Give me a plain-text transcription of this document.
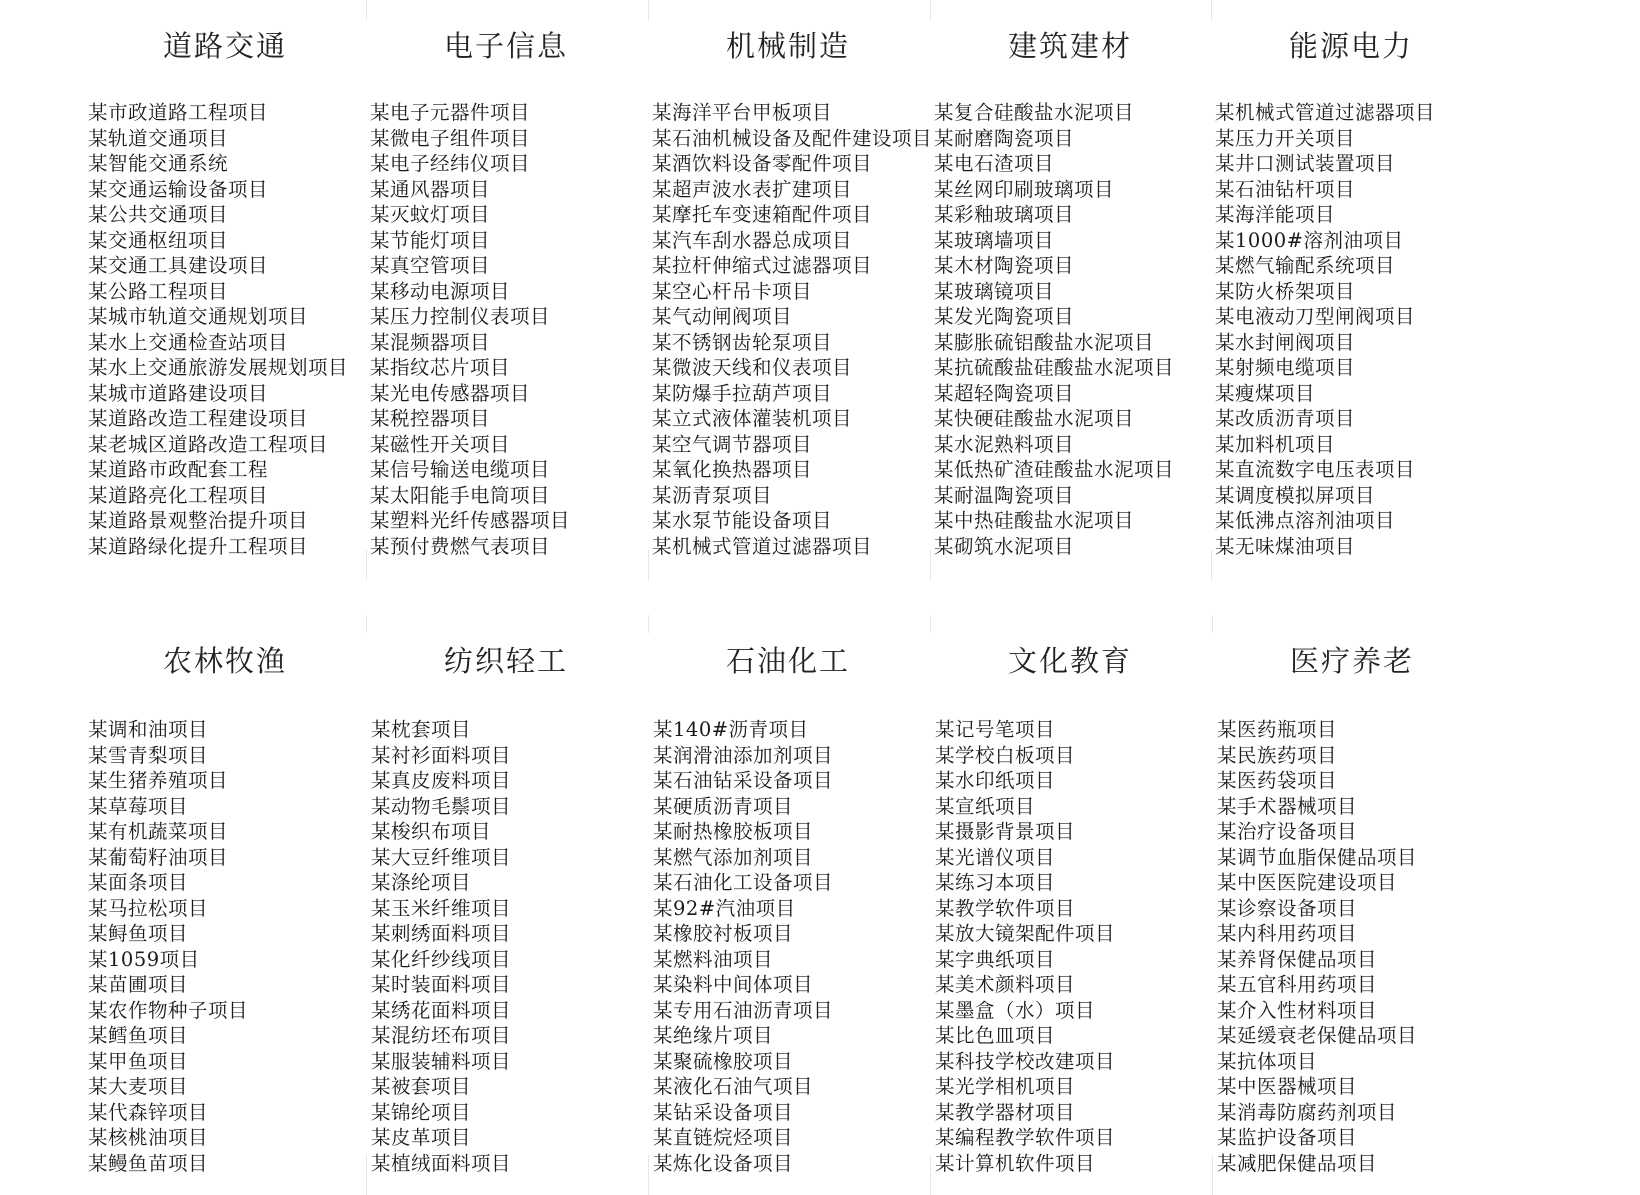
道路交通
某市政道路工程项目
某轨道交通项目
某智能交通系统
某交通运输设备项目
某公共交通项目
某交通枢纽项目
某交通工具建设项目
某公路工程项目
某城市轨道交通规划项目
某水上交通检查站项目
某水上交通旅游发展规划项目
某城市道路建设项目
某道路改造工程建设项目
某老城区道路改造工程项目
某道路市政配套工程
某道路亮化工程项目
某道路景观整治提升项目
某道路绿化提升工程项目
电子信息
某电子元器件项目
某微电子组件项目
某电子经纬仪项目
某通风器项目
某灭蚊灯项目
某节能灯项目
某真空管项目
某移动电源项目
某压力控制仪表项目
某混频器项目
某指纹芯片项目
某光电传感器项目
某税控器项目
某磁性开关项目
某信号输送电缆项目
某太阳能手电筒项目
某塑料光纤传感器项目
某预付费燃气表项目
机械制造
某海洋平台甲板项目
某石油机械设备及配件建设项目
某酒饮料设备零配件项目
某超声波水表扩建项目
某摩托车变速箱配件项目
某汽车刮水器总成项目
某拉杆伸缩式过滤器项目
某空心杆吊卡项目
某气动闸阀项目
某不锈钢齿轮泵项目
某微波天线和仪表项目
某防爆手拉葫芦项目
某立式液体灌装机项目
某空气调节器项目
某氧化换热器项目
某沥青泵项目
某水泵节能设备项目
某机械式管道过滤器项目
建筑建材
某复合硅酸盐水泥项目
某耐磨陶瓷项目
某电石渣项目
某丝网印刷玻璃项目
某彩釉玻璃项目
某玻璃墙项目
某木材陶瓷项目
某玻璃镜项目
某发光陶瓷项目
某膨胀硫铝酸盐水泥项目
某抗硫酸盐硅酸盐水泥项目
某超轻陶瓷项目
某快硬硅酸盐水泥项目
某水泥熟料项目
某低热矿渣硅酸盐水泥项目
某耐温陶瓷项目
某中热硅酸盐水泥项目
某砌筑水泥项目
能源电力
某机械式管道过滤器项目
某压力开关项目
某井口测试装置项目
某石油钻杆项目
某海洋能项目
某1000#溶剂油项目
某燃气输配系统项目
某防火桥架项目
某电液动刀型闸阀项目
某水封闸阀项目
某射频电缆项目
某瘦煤项目
某改质沥青项目
某加料机项目
某直流数字电压表项目
某调度模拟屏项目
某低沸点溶剂油项目
某无味煤油项目
农林牧渔
某调和油项目
某雪青梨项目
某生猪养殖项目
某草莓项目
某有机蔬菜项目
某葡萄籽油项目
某面条项目
某马拉松项目
某鲟鱼项目
某1059项目
某苗圃项目
某农作物种子项目
某鳕鱼项目
某甲鱼项目
某大麦项目
某代森锌项目
某核桃油项目
某鳗鱼苗项目
纺织轻工
某枕套项目
某衬衫面料项目
某真皮废料项目
某动物毛鬃项目
某梭织布项目
某大豆纤维项目
某涤纶项目
某玉米纤维项目
某刺绣面料项目
某化纤纱线项目
某时装面料项目
某绣花面料项目
某混纺坯布项目
某服装辅料项目
某被套项目
某锦纶项目
某皮革项目
某植绒面料项目
石油化工
某140#沥青项目
某润滑油添加剂项目
某石油钻采设备项目
某硬质沥青项目
某耐热橡胶板项目
某燃气添加剂项目
某石油化工设备项目
某92#汽油项目
某橡胶衬板项目
某燃料油项目
某染料中间体项目
某专用石油沥青项目
某绝缘片项目
某聚硫橡胶项目
某液化石油气项目
某钻采设备项目
某直链烷烃项目
某炼化设备项目
文化教育
某记号笔项目
某学校白板项目
某水印纸项目
某宣纸项目
某摄影背景项目
某光谱仪项目
某练习本项目
某教学软件项目
某放大镜架配件项目
某字典纸项目
某美术颜料项目
某墨盒（水）项目
某比色皿项目
某科技学校改建项目
某光学相机项目
某教学器材项目
某编程教学软件项目
某计算机软件项目
医疗养老
某医药瓶项目
某民族药项目
某医药袋项目
某手术器械项目
某治疗设备项目
某调节血脂保健品项目
某中医医院建设项目
某诊察设备项目
某内科用药项目
某养肾保健品项目
某五官科用药项目
某介入性材料项目
某延缓衰老保健品项目
某抗体项目
某中医器械项目
某消毒防腐药剂项目
某监护设备项目
某减肥保健品项目
